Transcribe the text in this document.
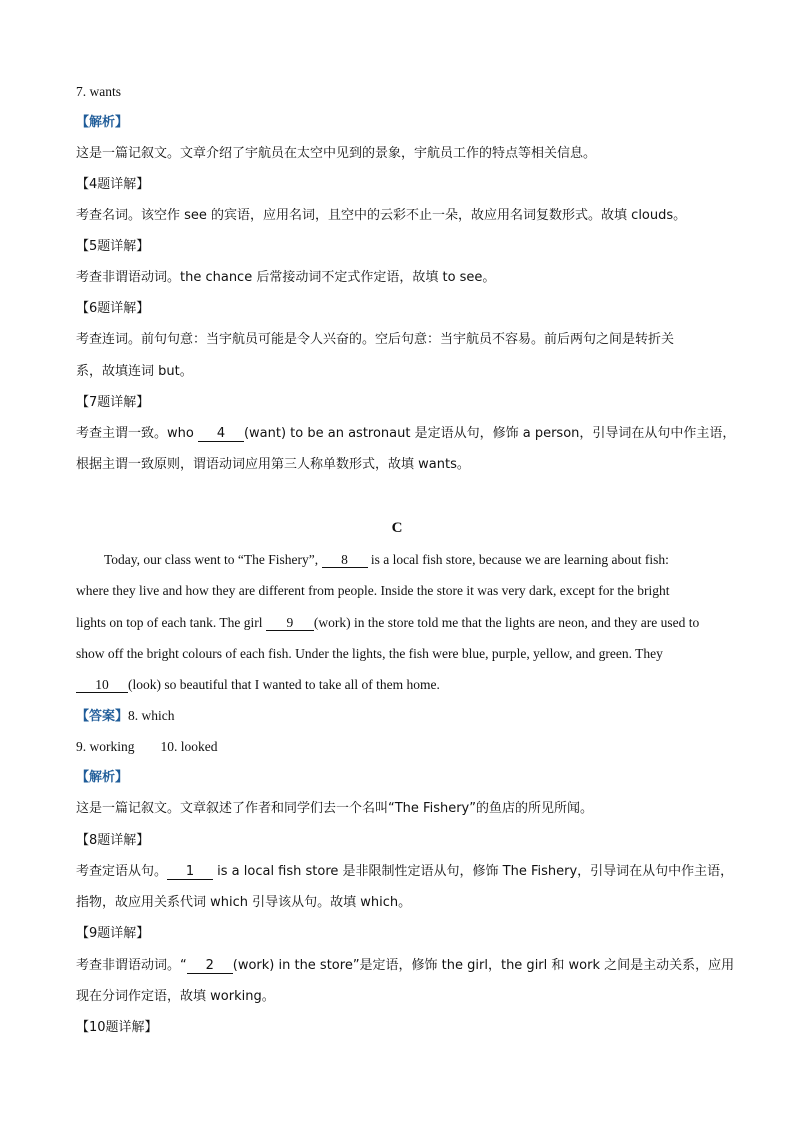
7. wants
【解析】
这是一篇记叙文。文章介绍了宇航员在太空中见到的景象，宇航员工作的特点等相关信息。
【4题详解】
考查名词。该空作 see 的宾语，应用名词，且空中的云彩不止一朵，故应用名词复数形式。故填 clouds。
【5题详解】
考查非谓语动词。the chance 后常接动词不定式作定语，故填 to see。
【6题详解】
考查连词。前句句意：当宇航员可能是令人兴奋的。空后句意：当宇航员不容易。前后两句之间是转折关
系，故填连词 but。
【7题详解】
考查主谓一致。who 4 (want) to be an astronaut 是定语从句，修饰 a person，引导词在从句中作主语，
根据主谓一致原则，谓语动词应用第三人称单数形式，故填 wants。
C
Today, our class went to “The Fishery”, 8 is a local fish store, because we are learning about fish:
where they live and how they are different from people. Inside the store it was very dark, except for the bright
lights on top of each tank. The girl 9 (work) in the store told me that the lights are neon, and they are used to
show off the bright colours of each fish. Under the lights, the fish were blue, purple, yellow, and green. They
10 (look) so beautiful that I wanted to take all of them home.
【答案】8. which
9. working 10. looked
【解析】
这是一篇记叙文。文章叙述了作者和同学们去一个名叫“The Fishery”的鱼店的所见所闻。
【8题详解】
考查定语从句。 1 is a local fish store 是非限制性定语从句，修饰 The Fishery，引导词在从句中作主语，
指物，故应用关系代词 which 引导该从句。故填 which。
【9题详解】
考查非谓语动词。“ 2 (work) in the store”是定语，修饰 the girl，the girl 和 work 之间是主动关系，应用
现在分词作定语，故填 working。
【10题详解】
